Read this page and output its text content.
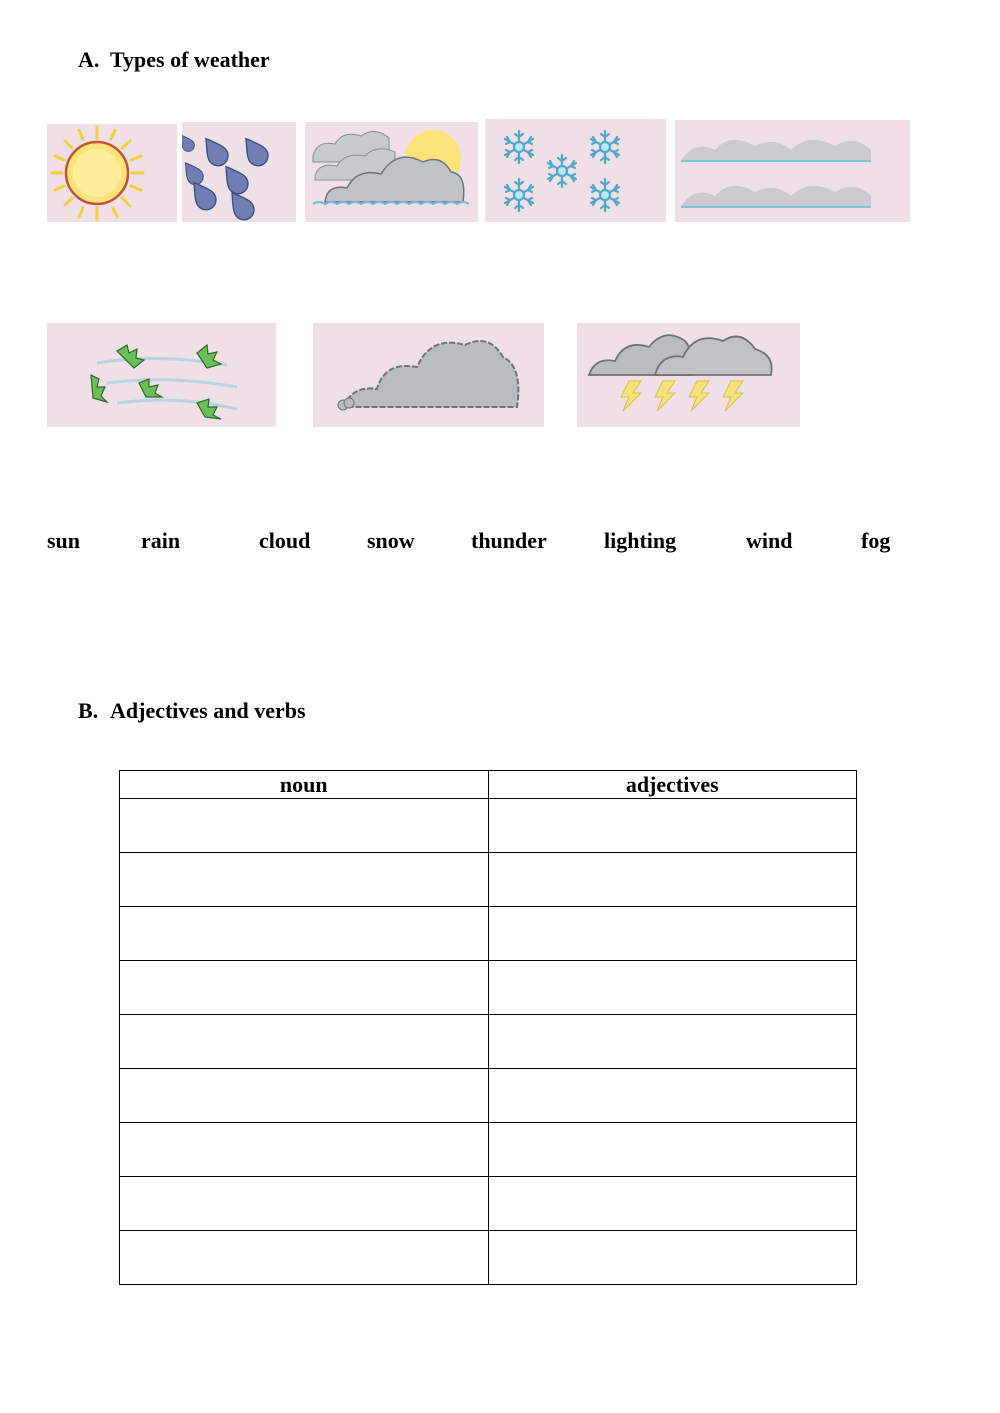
A. Types of weather
sun	rain	cloud	snow	thunder	lighting	wind	fog
B. Adjectives and verbs
noun	adjectives
